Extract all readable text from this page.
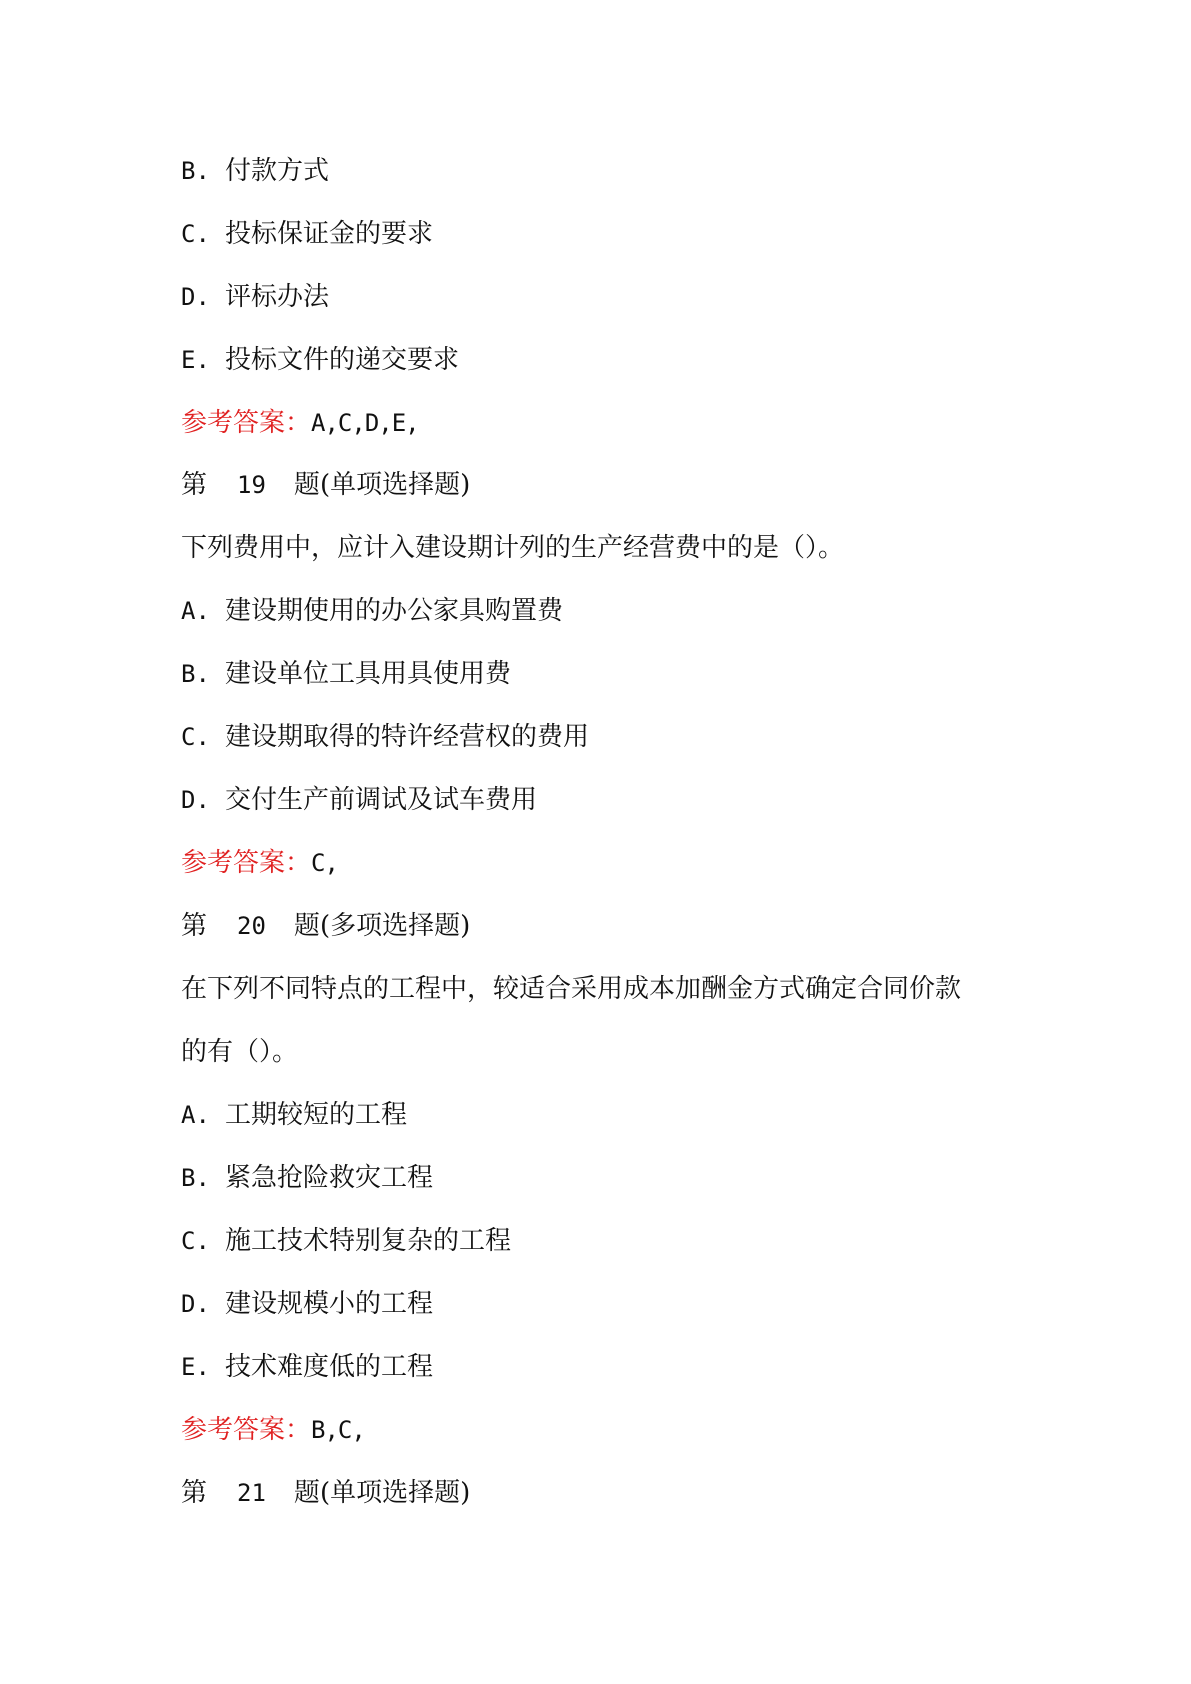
B. 付款方式
C. 投标保证金的要求
D. 评标办法
E. 投标文件的递交要求
参考答案：A,C,D,E,
第 19 题(单项选择题)
下列费用中，应计入建设期计列的生产经营费中的是（）。
A. 建设期使用的办公家具购置费
B. 建设单位工具用具使用费
C. 建设期取得的特许经营权的费用
D. 交付生产前调试及试车费用
参考答案：C,
第 20 题(多项选择题)
在下列不同特点的工程中，较适合采用成本加酬金方式确定合同价款
的有（）。
A. 工期较短的工程
B. 紧急抢险救灾工程
C. 施工技术特别复杂的工程
D. 建设规模小的工程
E. 技术难度低的工程
参考答案：B,C,
第 21 题(单项选择题)
